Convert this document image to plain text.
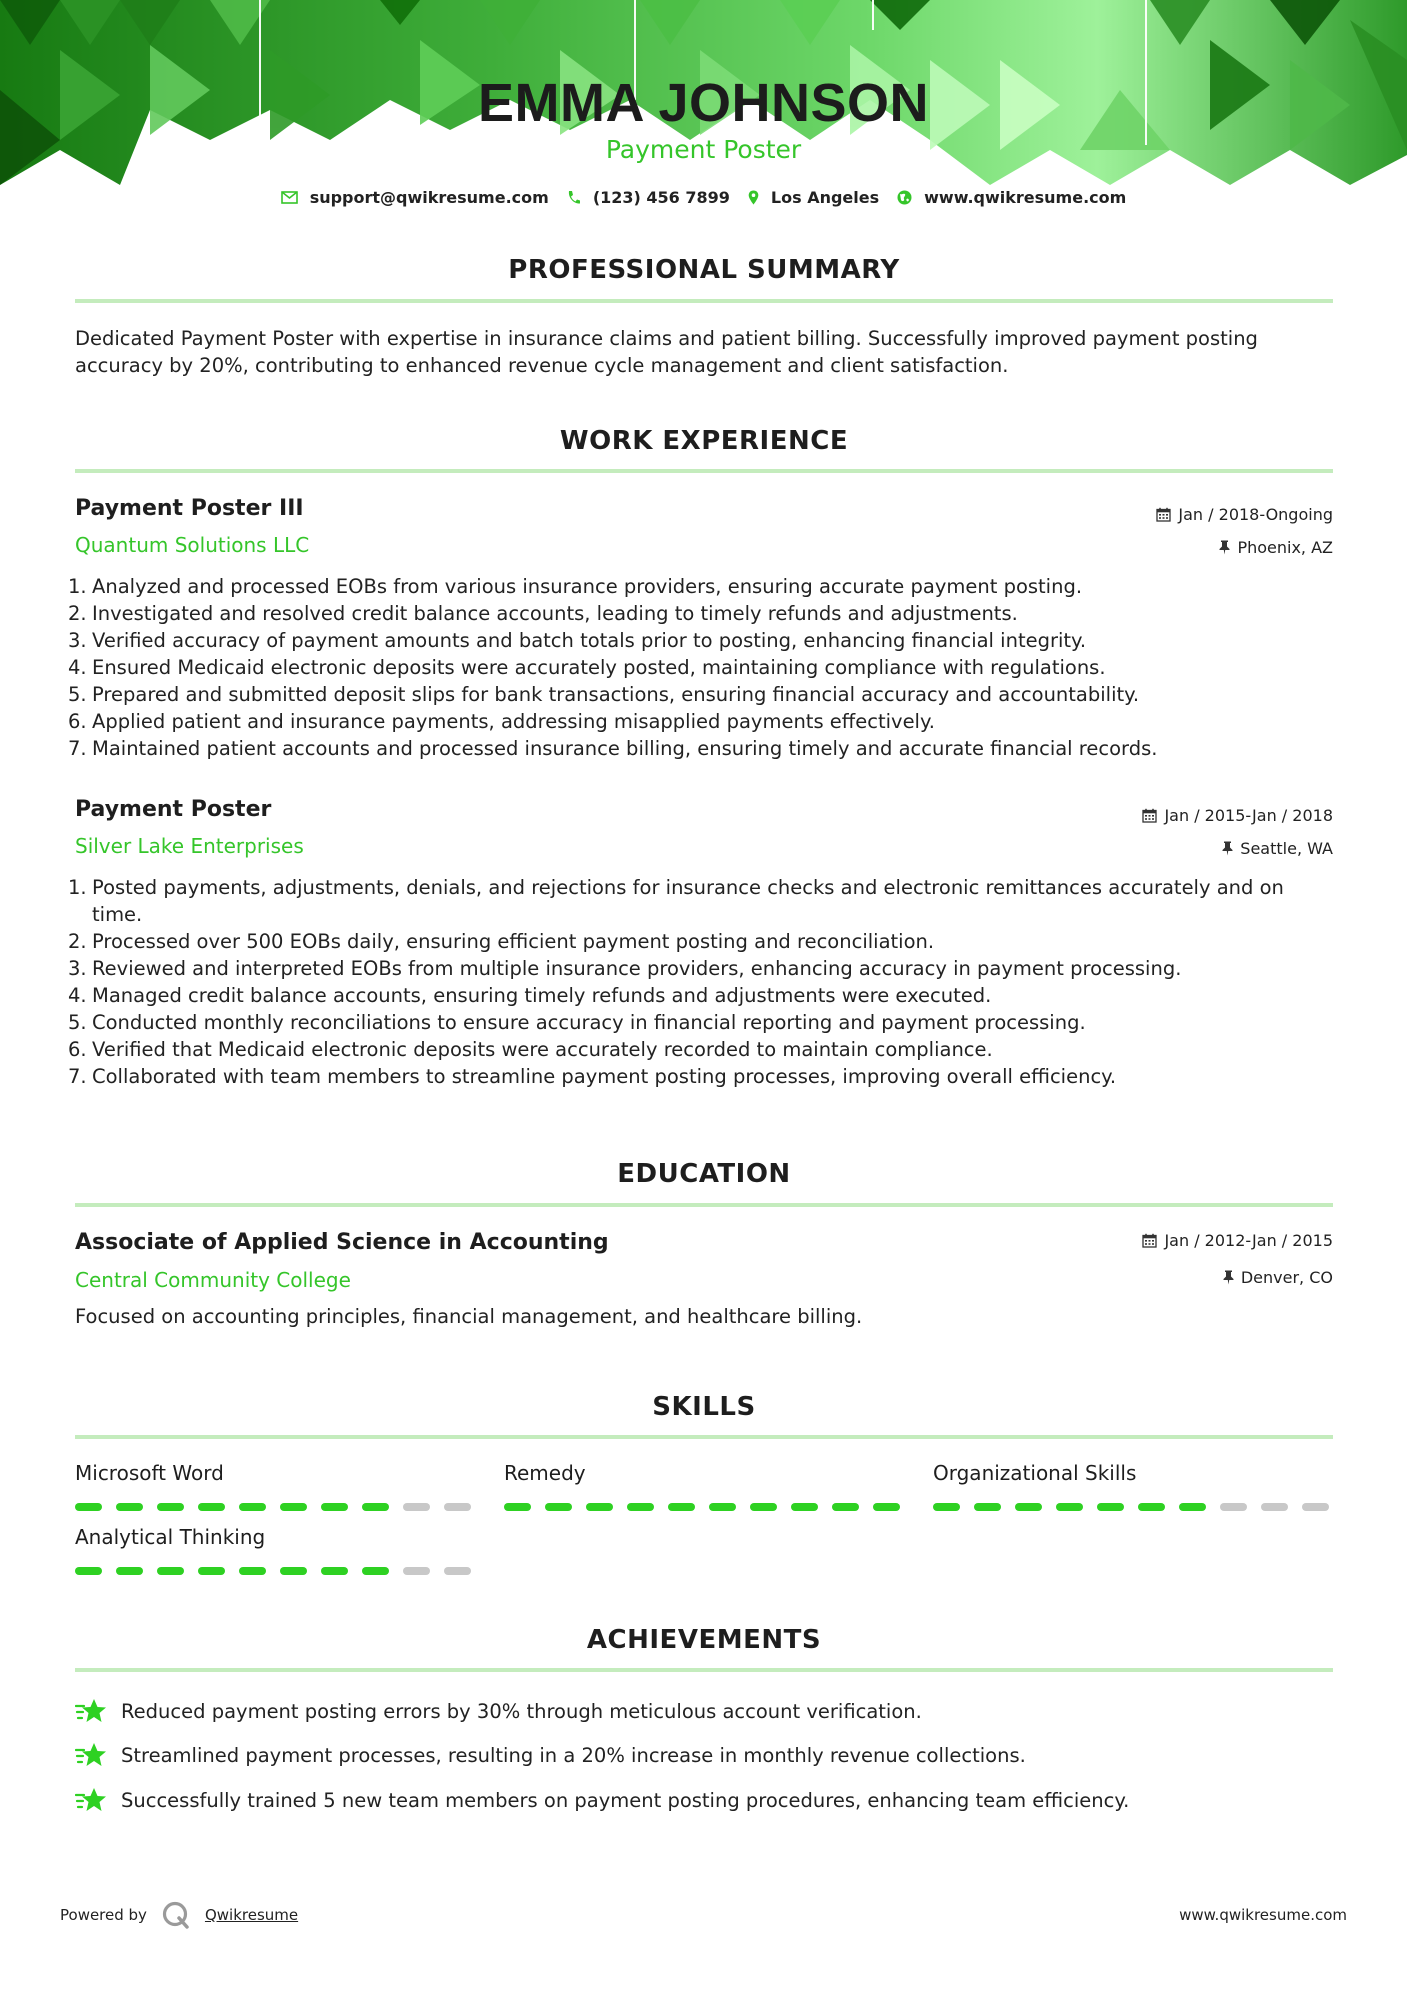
EMMA JOHNSON
Payment Poster
support@qwikresume.com	(123) 456 7899	Los Angeles	www.qwikresume.com
PROFESSIONAL SUMMARY
Dedicated Payment Poster with expertise in insurance claims and patient billing. Successfully improved payment posting accuracy by 20%, contributing to enhanced revenue cycle management and client satisfaction.
WORK EXPERIENCE
Payment Poster III	Jan / 2018-Ongoing
Quantum Solutions LLC	Phoenix, AZ
1. Analyzed and processed EOBs from various insurance providers, ensuring accurate payment posting.
2. Investigated and resolved credit balance accounts, leading to timely refunds and adjustments.
3. Verified accuracy of payment amounts and batch totals prior to posting, enhancing financial integrity.
4. Ensured Medicaid electronic deposits were accurately posted, maintaining compliance with regulations.
5. Prepared and submitted deposit slips for bank transactions, ensuring financial accuracy and accountability.
6. Applied patient and insurance payments, addressing misapplied payments effectively.
7. Maintained patient accounts and processed insurance billing, ensuring timely and accurate financial records.
Payment Poster	Jan / 2015-Jan / 2018
Silver Lake Enterprises	Seattle, WA
1. Posted payments, adjustments, denials, and rejections for insurance checks and electronic remittances accurately and on time.
2. Processed over 500 EOBs daily, ensuring efficient payment posting and reconciliation.
3. Reviewed and interpreted EOBs from multiple insurance providers, enhancing accuracy in payment processing.
4. Managed credit balance accounts, ensuring timely refunds and adjustments were executed.
5. Conducted monthly reconciliations to ensure accuracy in financial reporting and payment processing.
6. Verified that Medicaid electronic deposits were accurately recorded to maintain compliance.
7. Collaborated with team members to streamline payment posting processes, improving overall efficiency.
EDUCATION
Associate of Applied Science in Accounting	Jan / 2012-Jan / 2015
Central Community College	Denver, CO
Focused on accounting principles, financial management, and healthcare billing.
SKILLS
Microsoft Word	Remedy	Organizational Skills
Analytical Thinking
ACHIEVEMENTS
Reduced payment posting errors by 30% through meticulous account verification.
Streamlined payment processes, resulting in a 20% increase in monthly revenue collections.
Successfully trained 5 new team members on payment posting procedures, enhancing team efficiency.
Powered by	Qwikresume	www.qwikresume.com
